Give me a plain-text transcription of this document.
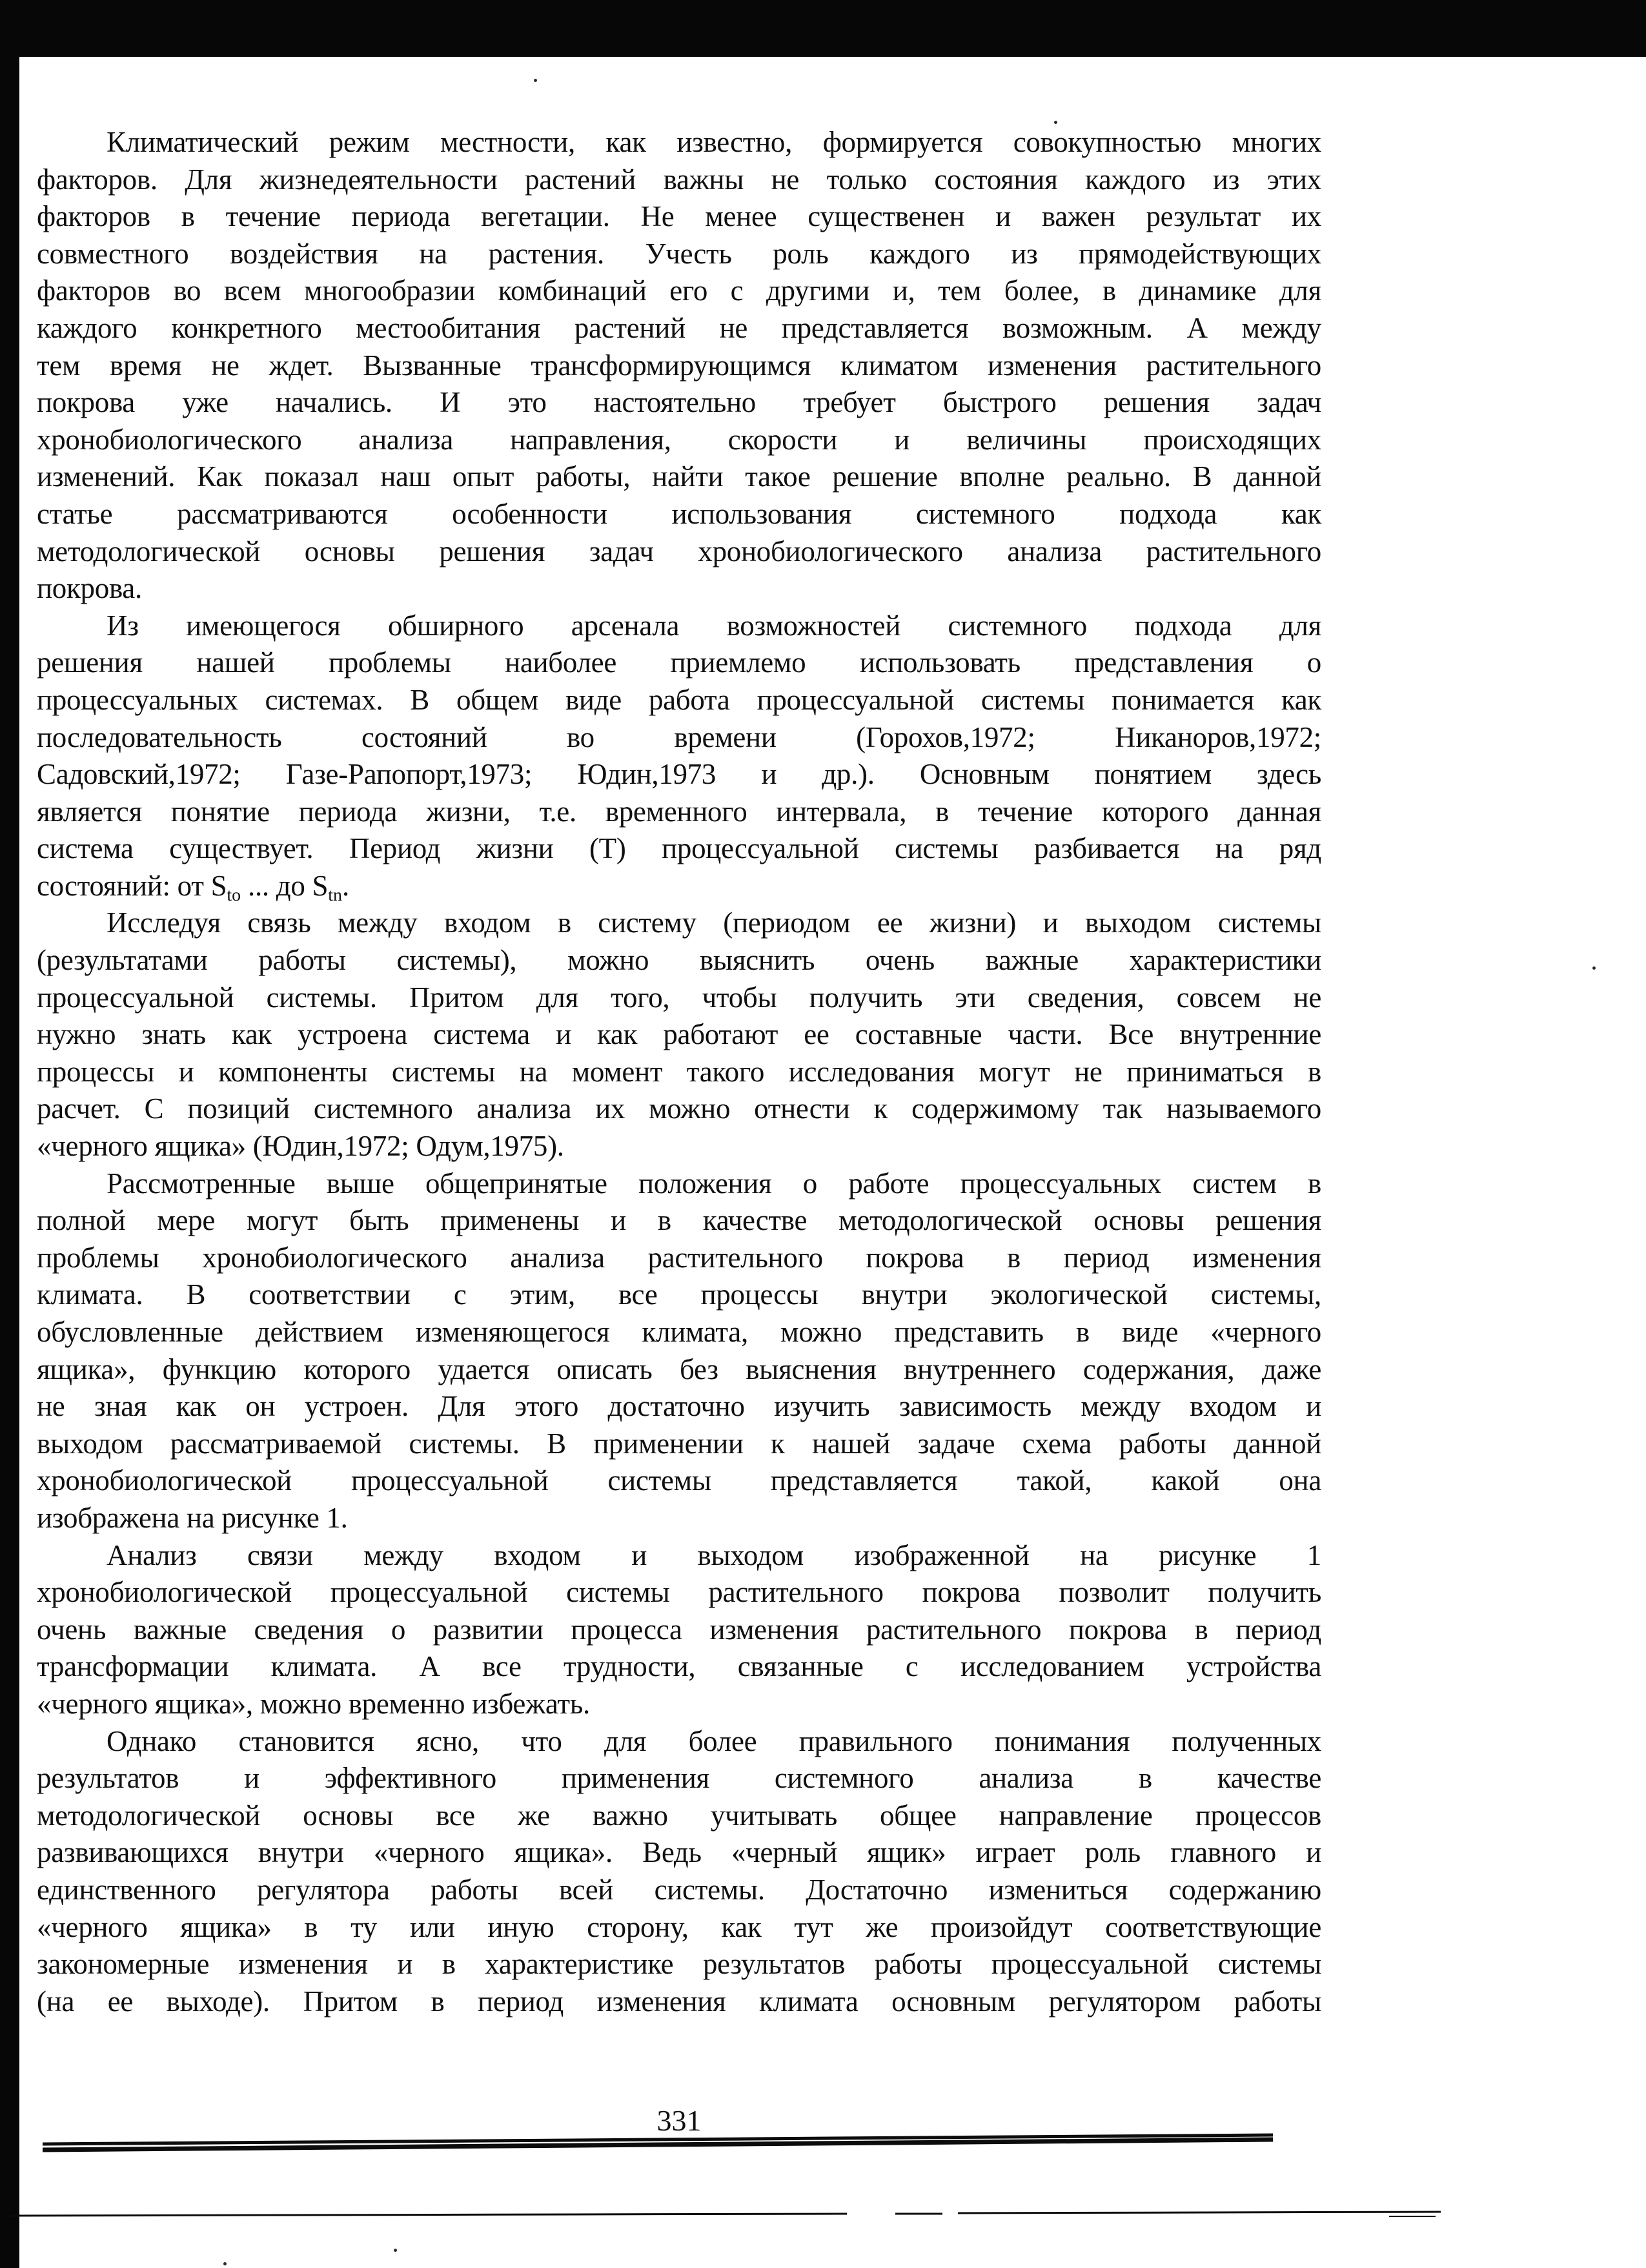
Климатический режим местности, как известно, формируется совокупностью многих
факторов. Для жизнедеятельности растений важны не только состояния каждого из этих
факторов в течение периода вегетации. Не менее существенен и важен результат их
совместного воздействия на растения. Учесть роль каждого из прямодействующих
факторов во всем многообразии комбинаций его с другими и, тем более, в динамике для
каждого конкретного местообитания растений не представляется возможным. А между
тем время не ждет. Вызванные трансформирующимся климатом изменения растительного
покрова уже начались. И это настоятельно требует быстрого решения задач
хронобиологического анализа направления, скорости и величины происходящих
изменений. Как показал наш опыт работы, найти такое решение вполне реально. В данной
статье рассматриваются особенности использования системного подхода как
методологической основы решения задач хронобиологического анализа растительного
покрова.
Из имеющегося обширного арсенала возможностей системного подхода для
решения нашей проблемы наиболее приемлемо использовать представления о
процессуальных системах. В общем виде работа процессуальной системы понимается как
последовательность состояний во времени (Горохов,1972; Никаноров,1972;
Садовский,1972; Газе-Рапопорт,1973; Юдин,1973 и др.). Основным понятием здесь
является понятие периода жизни, т.е. временного интервала, в течение которого данная
система существует. Период жизни (Т) процессуальной системы разбивается на ряд
состояний: от $S_{to}$ ... до $S_{tn}$.
Исследуя связь между входом в систему (периодом ее жизни) и выходом системы
(результатами работы системы), можно выяснить очень важные характеристики
процессуальной системы. Притом для того, чтобы получить эти сведения, совсем не
нужно знать как устроена система и как работают ее составные части. Все внутренние
процессы и компоненты системы на момент такого исследования могут не приниматься в
расчет. С позиций системного анализа их можно отнести к содержимому так называемого
«черного ящика» (Юдин,1972; Одум,1975).
Рассмотренные выше общепринятые положения о работе процессуальных систем в
полной мере могут быть применены и в качестве методологической основы решения
проблемы хронобиологического анализа растительного покрова в период изменения
климата. В соответствии с этим, все процессы внутри экологической системы,
обусловленные действием изменяющегося климата, можно представить в виде «черного
ящика», функцию которого удается описать без выяснения внутреннего содержания, даже
не зная как он устроен. Для этого достаточно изучить зависимость между входом и
выходом рассматриваемой системы. В применении к нашей задаче схема работы данной
хронобиологической процессуальной системы представляется такой, какой она
изображена на рисунке 1.
Анализ связи между входом и выходом изображенной на рисунке 1
хронобиологической процессуальной системы растительного покрова позволит получить
очень важные сведения о развитии процесса изменения растительного покрова в период
трансформации климата. А все трудности, связанные с исследованием устройства
«черного ящика», можно временно избежать.
Однако становится ясно, что для более правильного понимания полученных
результатов и эффективного применения системного анализа в качестве
методологической основы все же важно учитывать общее направление процессов
развивающихся внутри «черного ящика». Ведь «черный ящик» играет роль главного и
единственного регулятора работы всей системы. Достаточно измениться содержанию
«черного ящика» в ту или иную сторону, как тут же произойдут соответствующие
закономерные изменения и в характеристике результатов работы процессуальной системы
(на ее выходе). Притом в период изменения климата основным регулятором работы
331
